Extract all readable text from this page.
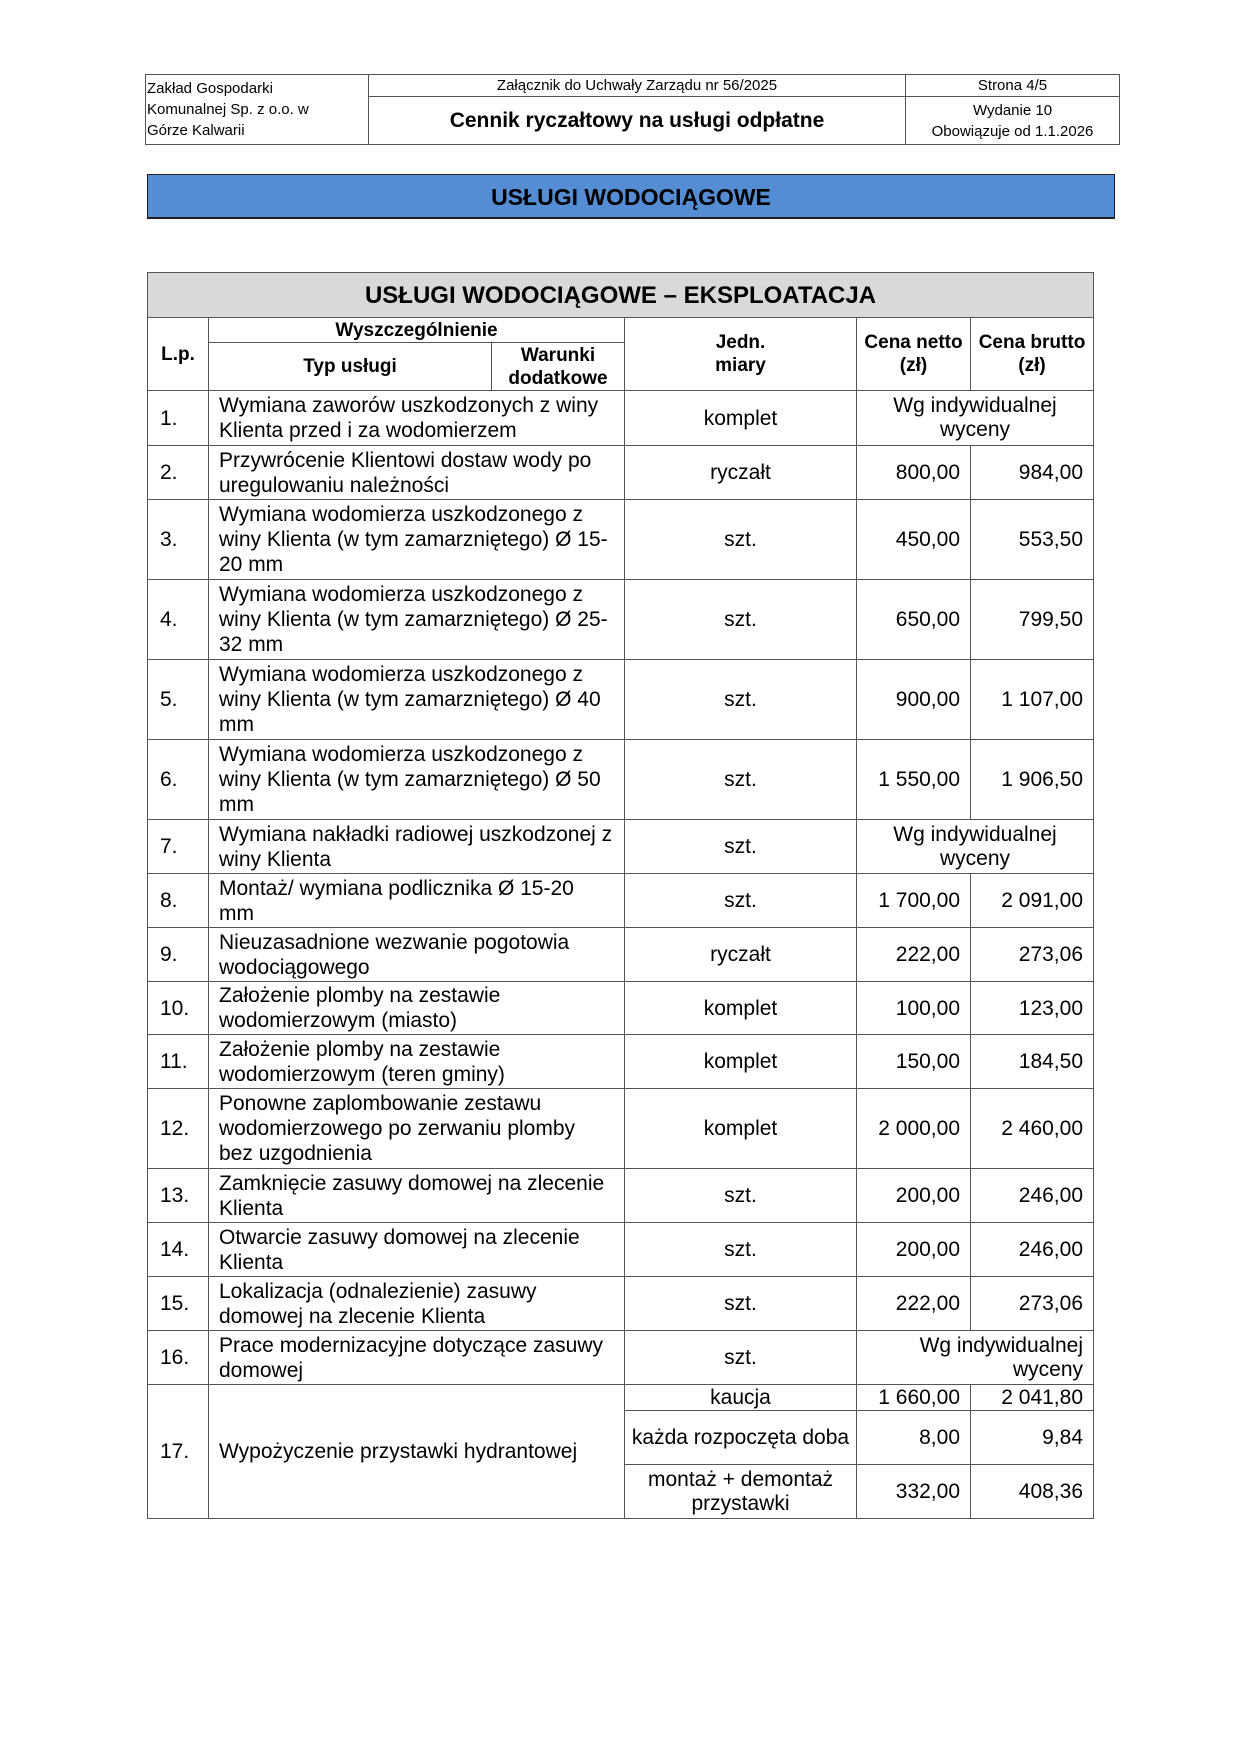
Zakład Gospodarki
Komunalnej Sp. z o.o. w
Górze Kalwarii	Załącznik do Uchwały Zarządu nr 56/2025	Strona 4/5
	Cennik ryczałtowy na usługi odpłatne	Wydanie 10
Obowiązuje od 1.1.2026
USŁUGI WODOCIĄGOWE
USŁUGI WODOCIĄGOWE – EKSPLOATACJA					
L.p.	Wyszczególnienie		Jedn. miary	Cena netto (zł)	Cena brutto (zł)
	Typ usługi	Warunki dodatkowe			
1.	Wymiana zaworów uszkodzonych z winy Klienta przed i za wodomierzem		komplet	Wg indywidualnej wyceny	
2.	Przywrócenie Klientowi dostaw wody po uregulowaniu należności		ryczałt	800,00	984,00
3.	Wymiana wodomierza uszkodzonego z winy Klienta (w tym zamarzniętego) Ø 15-20 mm		szt.	450,00	553,50
4.	Wymiana wodomierza uszkodzonego z winy Klienta (w tym zamarzniętego) Ø 25-32 mm		szt.	650,00	799,50
5.	Wymiana wodomierza uszkodzonego z winy Klienta (w tym zamarzniętego) Ø 40 mm		szt.	900,00	1 107,00
6.	Wymiana wodomierza uszkodzonego z winy Klienta (w tym zamarzniętego) Ø 50 mm		szt.	1 550,00	1 906,50
7.	Wymiana nakładki radiowej uszkodzonej z winy Klienta		szt.	Wg indywidualnej wyceny	
8.	Montaż/ wymiana podlicznika Ø 15-20 mm		szt.	1 700,00	2 091,00
9.	Nieuzasadnione wezwanie pogotowia wodociągowego		ryczałt	222,00	273,06
10.	Założenie plomby na zestawie wodomierzowym (miasto)		komplet	100,00	123,00
11.	Założenie plomby na zestawie wodomierzowym (teren gminy)		komplet	150,00	184,50
12.	Ponowne zaplombowanie zestawu wodomierzowego po zerwaniu plomby bez uzgodnienia		komplet	2 000,00	2 460,00
13.	Zamknięcie zasuwy domowej na zlecenie Klienta		szt.	200,00	246,00
14.	Otwarcie zasuwy domowej na zlecenie Klienta		szt.	200,00	246,00
15.	Lokalizacja (odnalezienie) zasuwy domowej na zlecenie Klienta		szt.	222,00	273,06
16.	Prace modernizacyjne dotyczące zasuwy domowej		szt.	Wg indywidualnej wyceny	
17.	Wypożyczenie przystawki hydrantowej		kaucja	1 660,00	2 041,80
			każda rozpoczęta doba	8,00	9,84
			montaż + demontaż przystawki	332,00	408,36
